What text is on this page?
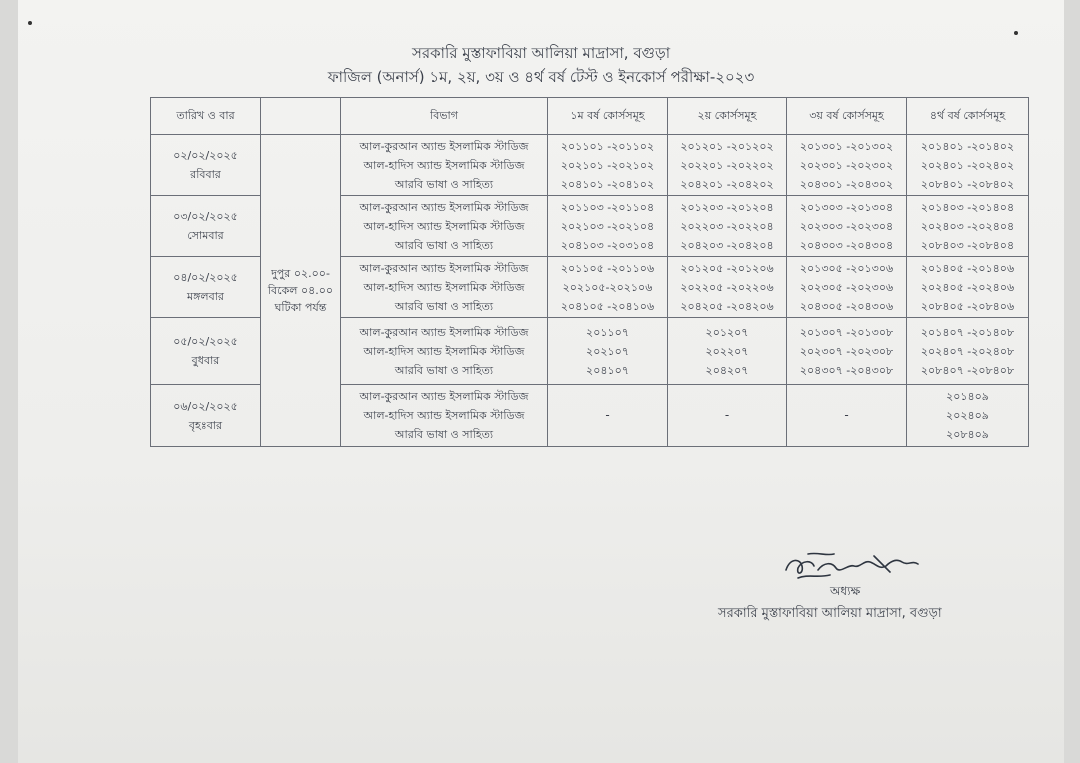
সরকারি মুস্তাফাবিয়া আলিয়া মাদ্রাসা, বগুড়া
ফাজিল (অনার্স) ১ম, ২য়, ৩য় ও ৪র্থ বর্ষ টেস্ট ও ইনকোর্স পরীক্ষা-২০২৩
তারিখ ও বার		বিভাগ	১ম বর্ষ কোর্সসমূহ	২য় কোর্সসমূহ	৩য় বর্ষ কোর্সসমূহ	৪র্থ বর্ষ কোর্সসমূহ

০২/০২/২০২৫
রবিবার	দুপুর ০২.০০-
বিকেল ০৪.০০
ঘটিকা পর্যন্ত	আল-কুরআন অ্যান্ড ইসলামিক স্টাডিজ
আল-হাদিস অ্যান্ড ইসলামিক স্টাডিজ
আরবি ভাষা ও সাহিত্য	২০১১০১ -২০১১০২
২০২১০১ -২০২১০২
২০৪১০১ -২০৪১০২	২০১২০১ -২০১২০২
২০২২০১ -২০২২০২
২০৪২০১ -২০৪২০২	২০১৩০১ -২০১৩০২
২০২৩০১ -২০২৩০২
২০৪৩০১ -২০৪৩০২	২০১৪০১ -২০১৪০২
২০২৪০১ -২০২৪০২
২০৮৪০১ -২০৮৪০২

০৩/০২/২০২৫
সোমবার		আল-কুরআন অ্যান্ড ইসলামিক স্টাডিজ
আল-হাদিস অ্যান্ড ইসলামিক স্টাডিজ
আরবি ভাষা ও সাহিত্য	২০১১০৩ -২০১১০৪
২০২১০৩ -২০২১০৪
২০৪১০৩ -২০৩১০৪	২০১২০৩ -২০১২০৪
২০২২০৩ -২০২২০৪
২০৪২০৩ -২০৪২০৪	২০১৩০৩ -২০১৩০৪
২০২৩০৩ -২০২৩০৪
২০৪৩০৩ -২০৪৩০৪	২০১৪০৩ -২০১৪০৪
২০২৪০৩ -২০২৪০৪
২০৮৪০৩ -২০৮৪০৪

০৪/০২/২০২৫
মঙ্গলবার		আল-কুরআন অ্যান্ড ইসলামিক স্টাডিজ
আল-হাদিস অ্যান্ড ইসলামিক স্টাডিজ
আরবি ভাষা ও সাহিত্য	২০১১০৫ -২০১১০৬
২০২১০৫-২০২১০৬
২০৪১০৫ -২০৪১০৬	২০১২০৫ -২০১২০৬
২০২২০৫ -২০২২০৬
২০৪২০৫ -২০৪২০৬	২০১৩০৫ -২০১৩০৬
২০২৩০৫ -২০২৩০৬
২০৪৩০৫ -২০৪৩০৬	২০১৪০৫ -২০১৪০৬
২০২৪০৫ -২০২৪০৬
২০৮৪০৫ -২০৮৪০৬

০৫/০২/২০২৫
বুধবার		আল-কুরআন অ্যান্ড ইসলামিক স্টাডিজ
আল-হাদিস অ্যান্ড ইসলামিক স্টাডিজ
আরবি ভাষা ও সাহিত্য	২০১১০৭
২০২১০৭
২০৪১০৭	২০১২০৭
২০২২০৭
২০৪২০৭	২০১৩০৭ -২০১৩০৮
২০২৩০৭ -২০২৩০৮
২০৪৩০৭ -২০৪৩০৮	২০১৪০৭ -২০১৪০৮
২০২৪০৭ -২০২৪০৮
২০৮৪০৭ -২০৮৪০৮

০৬/০২/২০২৫
বৃহঃবার		আল-কুরআন অ্যান্ড ইসলামিক স্টাডিজ
আল-হাদিস অ্যান্ড ইসলামিক স্টাডিজ
আরবি ভাষা ও সাহিত্য	-	-	-	২০১৪০৯
২০২৪০৯
২০৮৪০৯
অধ্যক্ষ
সরকারি মুস্তাফাবিয়া আলিয়া মাদ্রাসা, বগুড়া
